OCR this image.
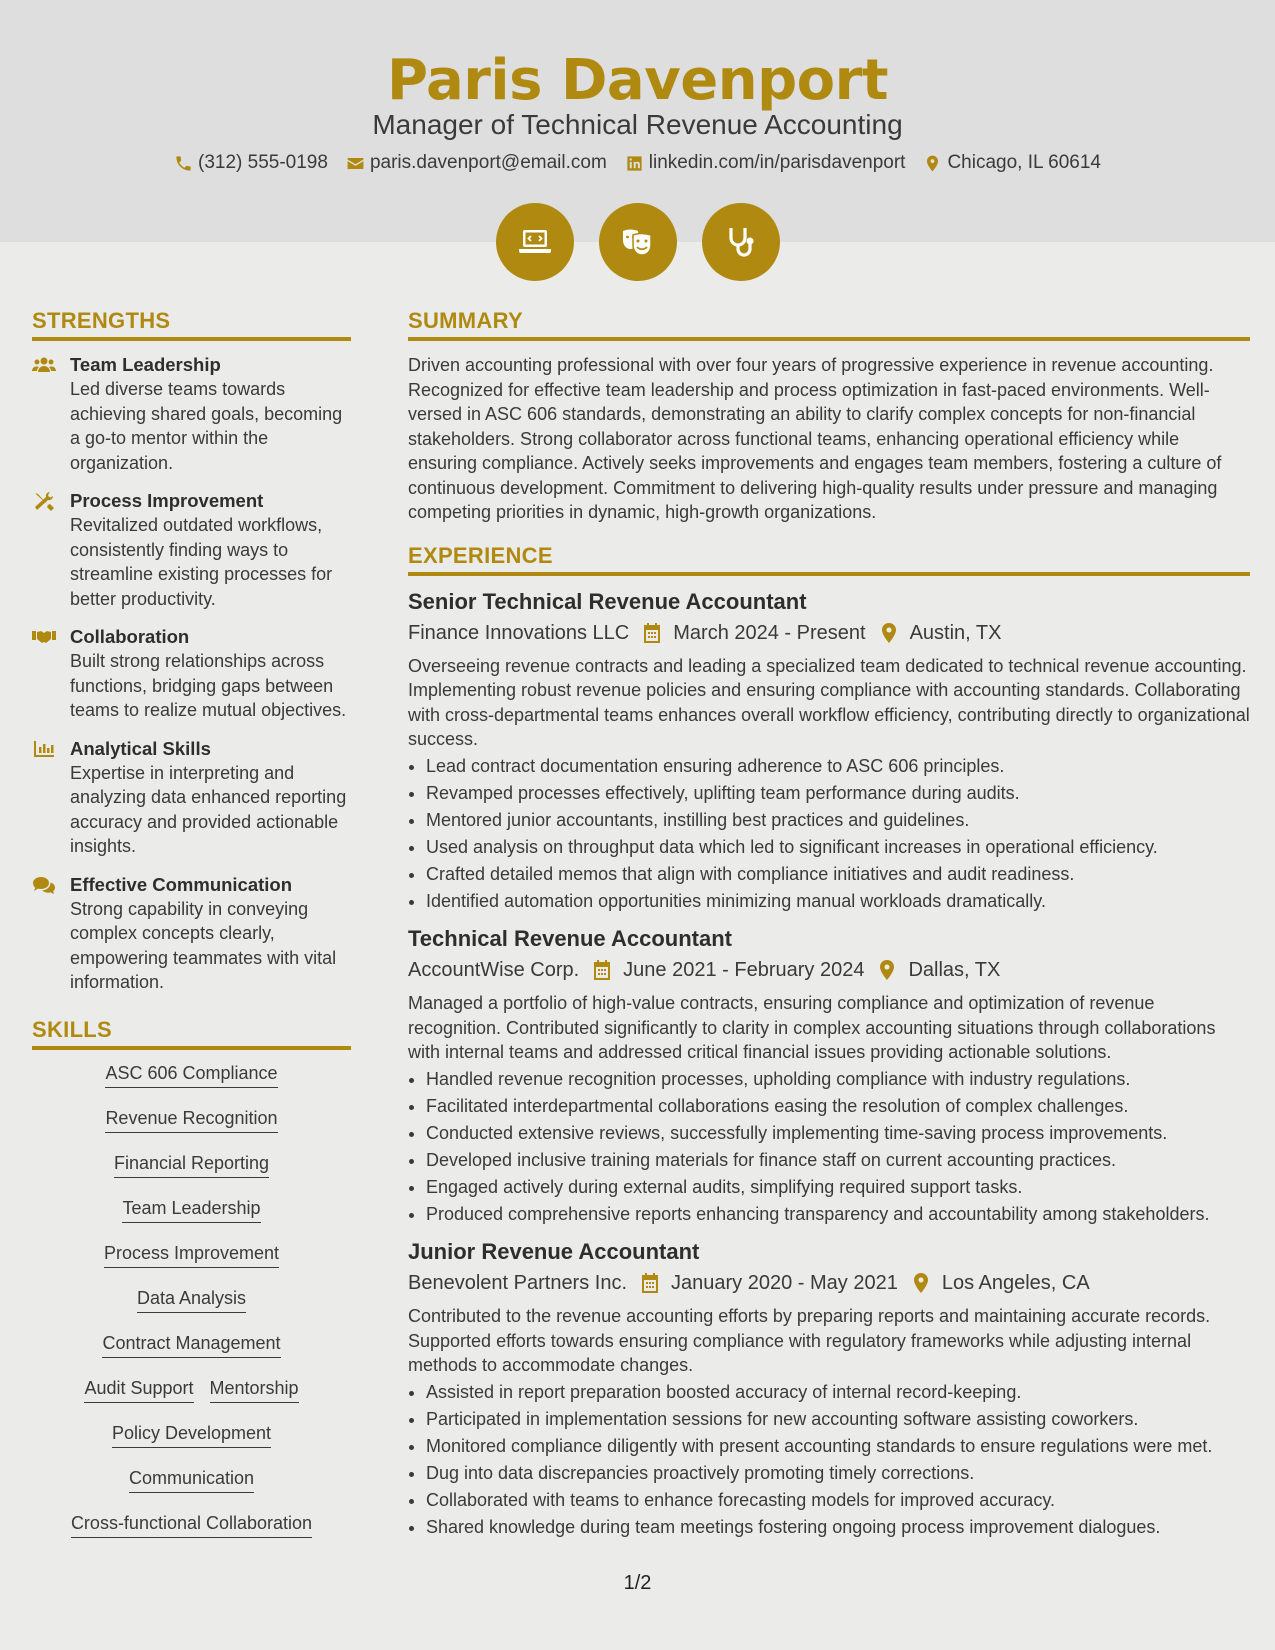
Paris Davenport
Manager of Technical Revenue Accounting
(312) 555-0198 paris.davenport@email.com linkedin.com/in/parisdavenport Chicago, IL 60614
STRENGTHS
Team Leadership
Led diverse teams towards achieving shared goals, becoming a go-to mentor within the organization.
Process Improvement
Revitalized outdated workflows, consistently finding ways to streamline existing processes for better productivity.
Collaboration
Built strong relationships across functions, bridging gaps between teams to realize mutual objectives.
Analytical Skills
Expertise in interpreting and analyzing data enhanced reporting accuracy and provided actionable insights.
Effective Communication
Strong capability in conveying complex concepts clearly, empowering teammates with vital information.
SKILLS
ASC 606 Compliance
Revenue Recognition
Financial Reporting
Team Leadership
Process Improvement
Data Analysis
Contract Management
Audit Support Mentorship
Policy Development
Communication
Cross-functional Collaboration
SUMMARY
Driven accounting professional with over four years of progressive experience in revenue accounting. Recognized for effective team leadership and process optimization in fast-paced environments. Well-versed in ASC 606 standards, demonstrating an ability to clarify complex concepts for non-financial stakeholders. Strong collaborator across functional teams, enhancing operational efficiency while ensuring compliance. Actively seeks improvements and engages team members, fostering a culture of continuous development. Commitment to delivering high-quality results under pressure and managing competing priorities in dynamic, high-growth organizations.
EXPERIENCE
Senior Technical Revenue Accountant
Finance Innovations LLC March 2024 - Present Austin, TX
Overseeing revenue contracts and leading a specialized team dedicated to technical revenue accounting. Implementing robust revenue policies and ensuring compliance with accounting standards. Collaborating with cross-departmental teams enhances overall workflow efficiency, contributing directly to organizational success.
• Lead contract documentation ensuring adherence to ASC 606 principles.
• Revamped processes effectively, uplifting team performance during audits.
• Mentored junior accountants, instilling best practices and guidelines.
• Used analysis on throughput data which led to significant increases in operational efficiency.
• Crafted detailed memos that align with compliance initiatives and audit readiness.
• Identified automation opportunities minimizing manual workloads dramatically.
Technical Revenue Accountant
AccountWise Corp. June 2021 - February 2024 Dallas, TX
Managed a portfolio of high-value contracts, ensuring compliance and optimization of revenue recognition. Contributed significantly to clarity in complex accounting situations through collaborations with internal teams and addressed critical financial issues providing actionable solutions.
• Handled revenue recognition processes, upholding compliance with industry regulations.
• Facilitated interdepartmental collaborations easing the resolution of complex challenges.
• Conducted extensive reviews, successfully implementing time-saving process improvements.
• Developed inclusive training materials for finance staff on current accounting practices.
• Engaged actively during external audits, simplifying required support tasks.
• Produced comprehensive reports enhancing transparency and accountability among stakeholders.
Junior Revenue Accountant
Benevolent Partners Inc. January 2020 - May 2021 Los Angeles, CA
Contributed to the revenue accounting efforts by preparing reports and maintaining accurate records. Supported efforts towards ensuring compliance with regulatory frameworks while adjusting internal methods to accommodate changes.
• Assisted in report preparation boosted accuracy of internal record-keeping.
• Participated in implementation sessions for new accounting software assisting coworkers.
• Monitored compliance diligently with present accounting standards to ensure regulations were met.
• Dug into data discrepancies proactively promoting timely corrections.
• Collaborated with teams to enhance forecasting models for improved accuracy.
• Shared knowledge during team meetings fostering ongoing process improvement dialogues.
1/2
